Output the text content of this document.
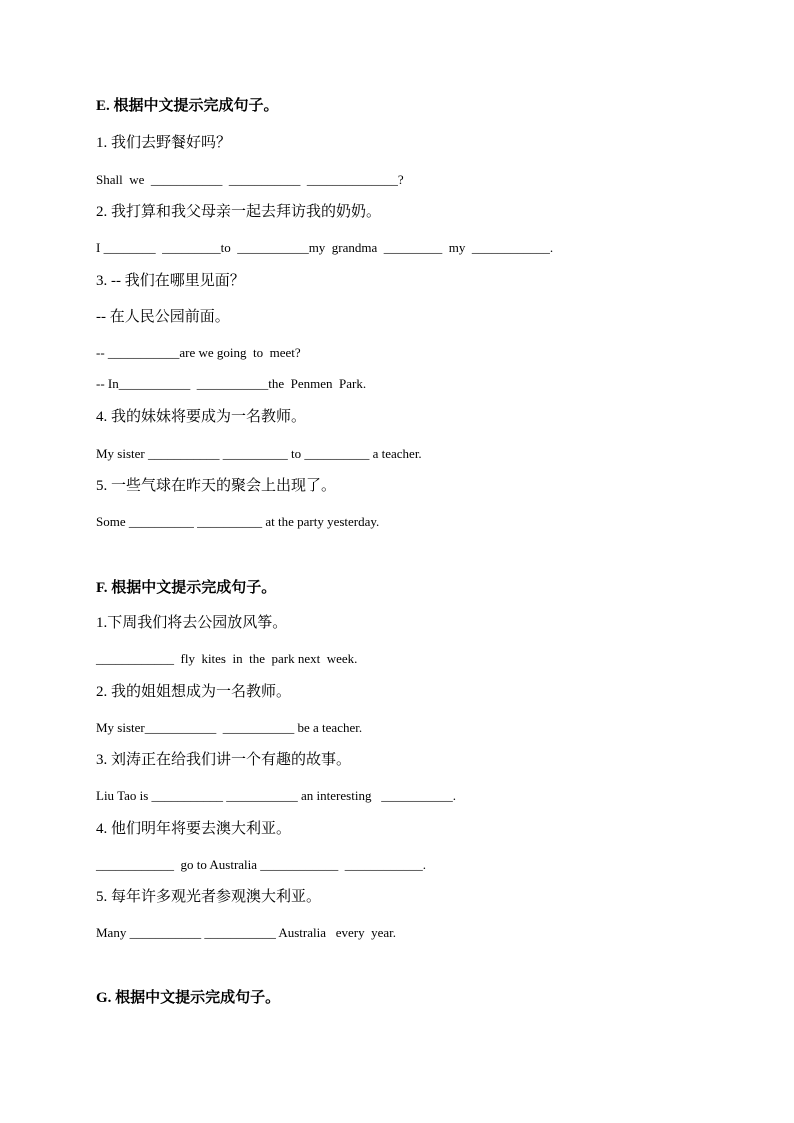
E. 根据中文提示完成句子。
1. 我们去野餐好吗？
Shall  we  ___________  ___________  ______________?
2. 我打算和我父母亲一起去拜访我的奶奶。
I ________  _________to  ___________my  grandma  _________  my  ____________.
3. -- 我们在哪里见面？
-- 在人民公园前面。
-- ___________are we going  to  meet?
-- In___________  ___________the  Penmen  Park.
4. 我的妹妹将要成为一名教师。
My sister ___________ __________ to __________ a teacher.
5. 一些气球在昨天的聚会上出现了。
Some __________ __________ at the party yesterday.
F. 根据中文提示完成句子。
1.下周我们将去公园放风筝。
____________  fly  kites  in  the  park next  week.
2. 我的姐姐想成为一名教师。
My sister___________  ___________ be a teacher.
3. 刘涛正在给我们讲一个有趣的故事。
Liu Tao is ___________ ___________ an interesting   ___________.
4. 他们明年将要去澳大利亚。
____________  go to Australia ____________  ____________.
5. 每年许多观光者参观澳大利亚。
Many ___________ ___________ Australia   every  year.
G. 根据中文提示完成句子。
